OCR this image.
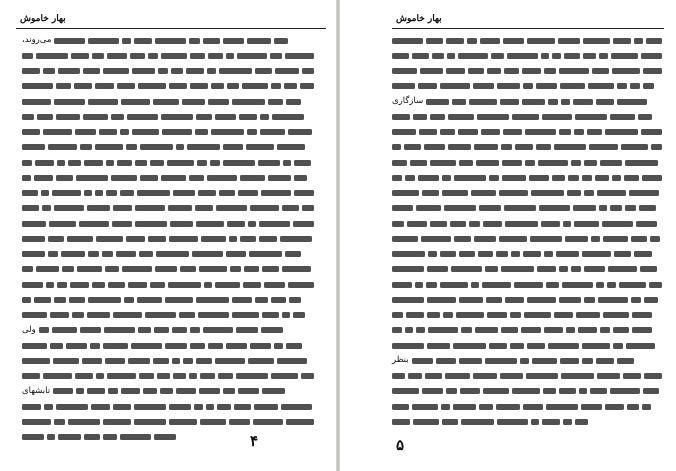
بهار خاموش
می‌روند،
ولی
تابشهای
۴
بهار خاموش
سازگاری
بنظر
۵
